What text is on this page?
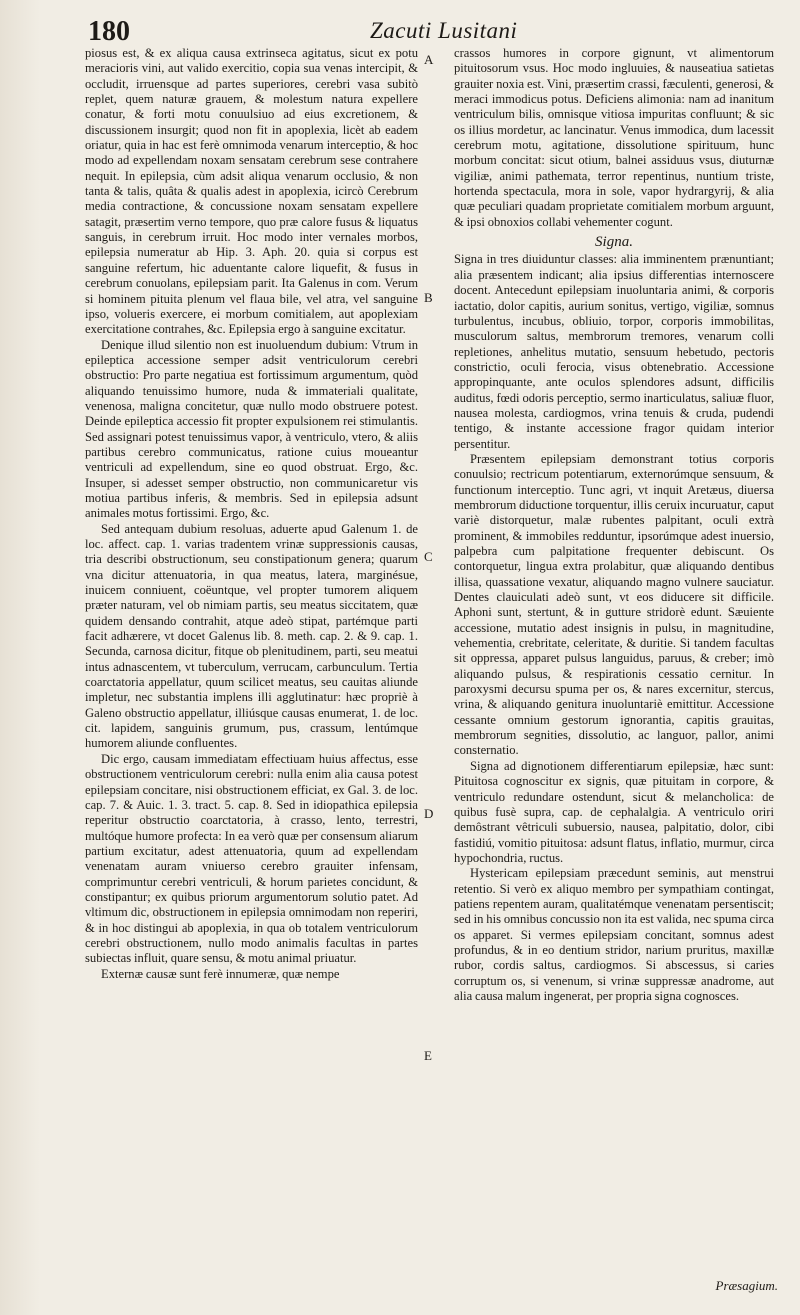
180	Zacuti Lusitani

piosus est, & ex aliqua causa extrinseca agitatus, sicut ex potu meracioris vini, aut valido exercitio, copia sua venas intercipit, & occludit, irruensque ad partes superiores, cerebri vasa subitò replet, quem naturæ grauem, & molestum natura expellere conatur, & forti motu conuulsiuo ad eius excretionem, & discussionem insurgit; quod non fit in apoplexia, licèt ab eadem oriatur, quia in hac est ferè omnimoda venarum interceptio, & hoc modo ad expellendam noxam sensatam cerebrum sese contrahere nequit. In epilepsia, cùm adsit aliqua venarum occlusio, & non tanta & talis, quâta & qualis adest in apoplexia, icircò Cerebrum media contractione, & concussione noxam sensatam expellere satagit, præsertim verno tempore, quo præ calore fusus & liquatus sanguis, in cerebrum irruit. Hoc modo inter vernales morbos, epilepsia numeratur ab Hip. 3. Aph. 20. quia si corpus est sanguine refertum, hic aduentante calore liquefit, & fusus in cerebrum conuolans, epilepsiam parit. Ita Galenus in com. Verum si hominem pituita plenum vel flaua bile, vel atra, vel sanguine ipso, volueris exercere, ei morbum comitialem, aut apoplexiam exercitatione contrahes, &c. Epilepsia ergo à sanguine excitatur.

Denique illud silentio non est inuoluendum dubium: Vtrum in epileptica accessione semper adsit ventriculorum cerebri obstructio: Pro parte negatiua est fortissimum argumentum, quòd aliquando tenuissimo humore, nuda & immateriali qualitate, venenosa, maligna concitetur, quæ nullo modo obstruere potest. Deinde epileptica accessio fit propter expulsionem rei stimulantis. Sed assignari potest tenuissimus vapor, à ventriculo, vtero, & aliis partibus cerebro communicatus, ratione cuius moueantur ventriculi ad expellendum, sine eo quod obstruat. Ergo, &c. Insuper, si adesset semper obstructio, non communicaretur vis motiua partibus inferis, & membris. Sed in epilepsia adsunt animales motus fortissimi. Ergo, &c.

Sed antequam dubium resoluas, aduerte apud Galenum 1. de loc. affect. cap. 1. varias tradentem vrinæ suppressionis causas, tria describi obstructionum, seu constipationum genera; quarum vna dicitur attenuatoria, in qua meatus, latera, marginésue, inuicem conniuent, coëuntque, vel propter tumorem aliquem præter naturam, vel ob nimiam partis, seu meatus siccitatem, quæ quidem densando contrahit, atque adeò stipat, partémque parti facit adhærere, vt docet Galenus lib. 8. meth. cap. 2. & 9. cap. 1. Secunda, carnosa dicitur, fitque ob plenitudinem, parti, seu meatui intus adnascentem, vt tuberculum, verrucam, carbunculum. Tertia coarctatoria appellatur, quum scilicet meatus, seu cauitas aliunde impletur, nec substantia implens illi agglutinatur: hæc propriè à Galeno obstructio appellatur, illiúsque causas enumerat, 1. de loc. cit. lapidem, sanguinis grumum, pus, crassum, lentúmque humorem aliunde confluentes.

Dic ergo, causam immediatam effectiuam huius affectus, esse obstructionem ventriculorum cerebri: nulla enim alia causa potest epilepsiam concitare, nisi obstructionem efficiat, ex Gal. 3. de loc. cap. 7. & Auic. 1. 3. tract. 5. cap. 8. Sed in idiopathica epilepsia reperitur obstructio coarctatoria, à crasso, lento, terrestri, multóque humore profecta: In ea verò quæ per consensum aliarum partium excitatur, adest attenuatoria, quum ad expellendam venenatam auram vniuerso cerebro grauiter infensam, comprimuntur cerebri ventriculi, & horum parietes concidunt, & constipantur; ex quibus priorum argumentorum solutio patet. Ad vltimum dic, obstructionem in epilepsia omnimodam non reperiri, & in hoc distingui ab apoplexia, in qua ob totalem ventriculorum cerebri obstructionem, nullo modo animalis facultas in partes subiectas influit, quare sensu, & motu animal priuatur.

Externæ causæ sunt ferè innumeræ, quæ nempe

A
B
C
D
E

crassos humores in corpore gignunt, vt alimentorum pituitosorum vsus. Hoc modo ingluuies, & nauseatiua satietas grauiter noxia est. Vini, præsertim crassi, fæculenti, generosi, & meraci immodicus potus. Deficiens alimonia: nam ad inanitum ventriculum bilis, omnisque vitiosa impuritas confluunt; & sic os illius mordetur, ac lancinatur. Venus immodica, dum lacessit cerebrum motu, agitatione, dissolutione spirituum, hunc morbum concitat: sicut otium, balnei assiduus vsus, diuturnæ vigiliæ, animi pathemata, terror repentinus, nuntium triste, hortenda spectacula, mora in sole, vapor hydrargyrij, & alia quæ peculiari quadam proprietate comitialem morbum arguunt, & ipsi obnoxios collabi vehementer cogunt.

Signa.

Signa in tres diuiduntur classes: alia imminentem prænuntiant; alia præsentem indicant; alia ipsius differentias internoscere docent. Antecedunt epilepsiam inuoluntaria animi, & corporis iactatio, dolor capitis, aurium sonitus, vertigo, vigiliæ, somnus turbulentus, incubus, obliuio, torpor, corporis immobilitas, musculorum saltus, membrorum tremores, venarum colli repletiones, anhelitus mutatio, sensuum hebetudo, pectoris constrictio, oculi ferocia, visus obtenebratio. Accessione appropinquante, ante oculos splendores adsunt, difficilis auditus, fœdi odoris perceptio, sermo inarticulatus, saliuæ fluor, nausea molesta, cardiogmos, vrina tenuis & cruda, pudendi tentigo, & instante accessione fragor quidam interior persentitur.

Præsentem epilepsiam demonstrant totius corporis conuulsio; rectricum potentiarum, externorúmque sensuum, & functionum interceptio. Tunc agri, vt inquit Aretæus, diuersa membrorum diductione torquentur, illis ceruix incuruatur, caput variè distorquetur, malæ rubentes palpitant, oculi extrà prominent, & immobiles redduntur, ipsorúmque adest inuersio, palpebra cum palpitatione frequenter debiscunt. Os contorquetur, lingua extra prolabitur, quæ aliquando dentibus illisa, quassatione vexatur, aliquando magno vulnere sauciatur. Dentes clauiculati adeò sunt, vt eos diducere sit difficile. Aphoni sunt, stertunt, & in gutture stridorè edunt. Sæuiente accessione, mutatio adest insignis in pulsu, in magnitudine, vehementia, crebritate, celeritate, & duritie. Si tandem facultas sit oppressa, apparet pulsus languidus, paruus, & creber; imò aliquando pulsus, & respirationis cessatio cernitur. In paroxysmi decursu spuma per os, & nares excernitur, stercus, vrina, & aliquando genitura inuoluntariè emittitur. Accessione cessante omnium gestorum ignorantia, capitis grauitas, membrorum segnities, dissolutio, ac languor, pallor, animi consternatio.

Signa ad dignotionem differentiarum epilepsiæ, hæc sunt: Pituitosa cognoscitur ex signis, quæ pituitam in corpore, & ventriculo redundare ostendunt, sicut & melancholica: de quibus fusè supra, cap. de cephalalgia. A ventriculo oriri demôstrant vêtriculi subuersio, nausea, palpitatio, dolor, cibi fastidiú, vomitio pituitosa: adsunt flatus, inflatio, murmur, circa hypochondria, ructus.

Hystericam epilepsiam præcedunt seminis, aut menstrui retentio. Si verò ex aliquo membro per sympathiam contingat, patiens repentem auram, qualitatémque venenatam persentiscit; sed in his omnibus concussio non ita est valida, nec spuma circa os apparet. Si vermes epilepsiam concitant, somnus adest profundus, & in eo dentium stridor, narium pruritus, maxillæ rubor, cordis saltus, cardiogmos. Si abscessus, si caries corruptum os, si venenum, si vrinæ suppressæ anadrome, aut alia causa malum ingenerat, per propria signa cognosces.

Præsagium.
